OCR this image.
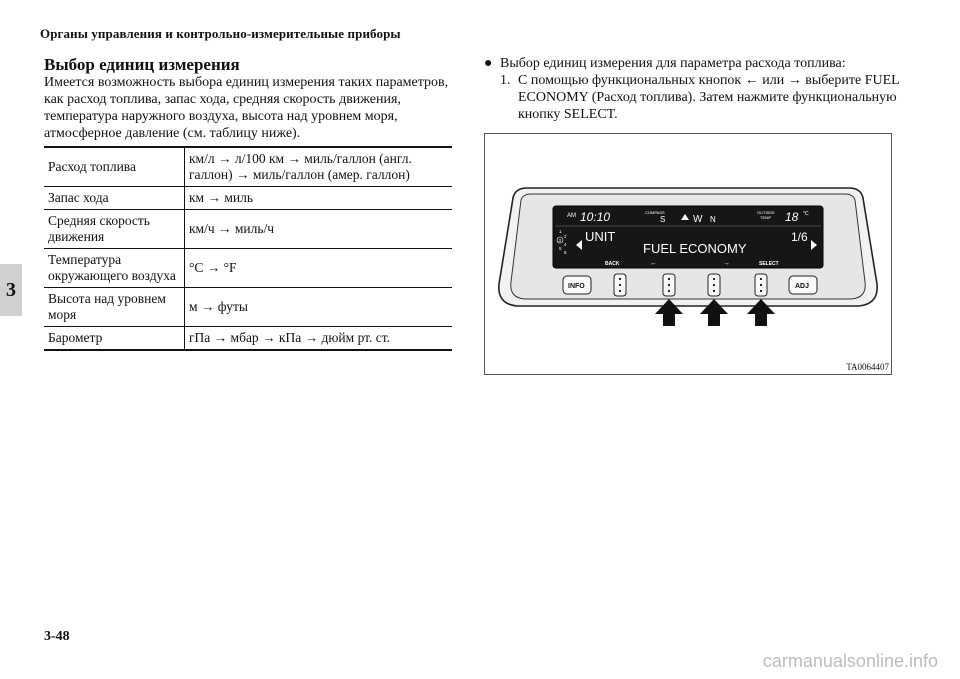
Органы управления и контрольно-измерительные приборы
3
Выбор единиц измерения
Имеется возможность выбора единиц измерения таких параметров, как расход топлива, запас хода, средняя скорость движения, температура наружного воздуха, высота над уровнем моря, атмосферное давление (см. таблицу ниже).
Расход топлива	км/л → л/100 км → миль/галлон (англ. галлон) → миль/галлон (амер. галлон)
Запас хода	км → миль
Средняя скорость движения	км/ч → миль/ч
Температура окружающего воздуха	°C → °F
Высота над уровнем моря	м → футы
Барометр	гПа → мбар → кПа → дюйм рт. ст.
● Выбор единиц измерения для параметра расхода топлива:
1. С помощью функциональных кнопок ← или → выберите FUEL ECONOMY (Расход топлива). Затем нажмите функциональную кнопку SELECT.
AM 10:10	COMPASS
S	W N
OUTSIDE
TEMP 18 °C
1
2
3
4
5
6
UNIT	1/6
FUEL ECONOMY
BACK	←	→	SELECT
INFO	ADJ
TA0064407
3-48
carmanualsonline.info
